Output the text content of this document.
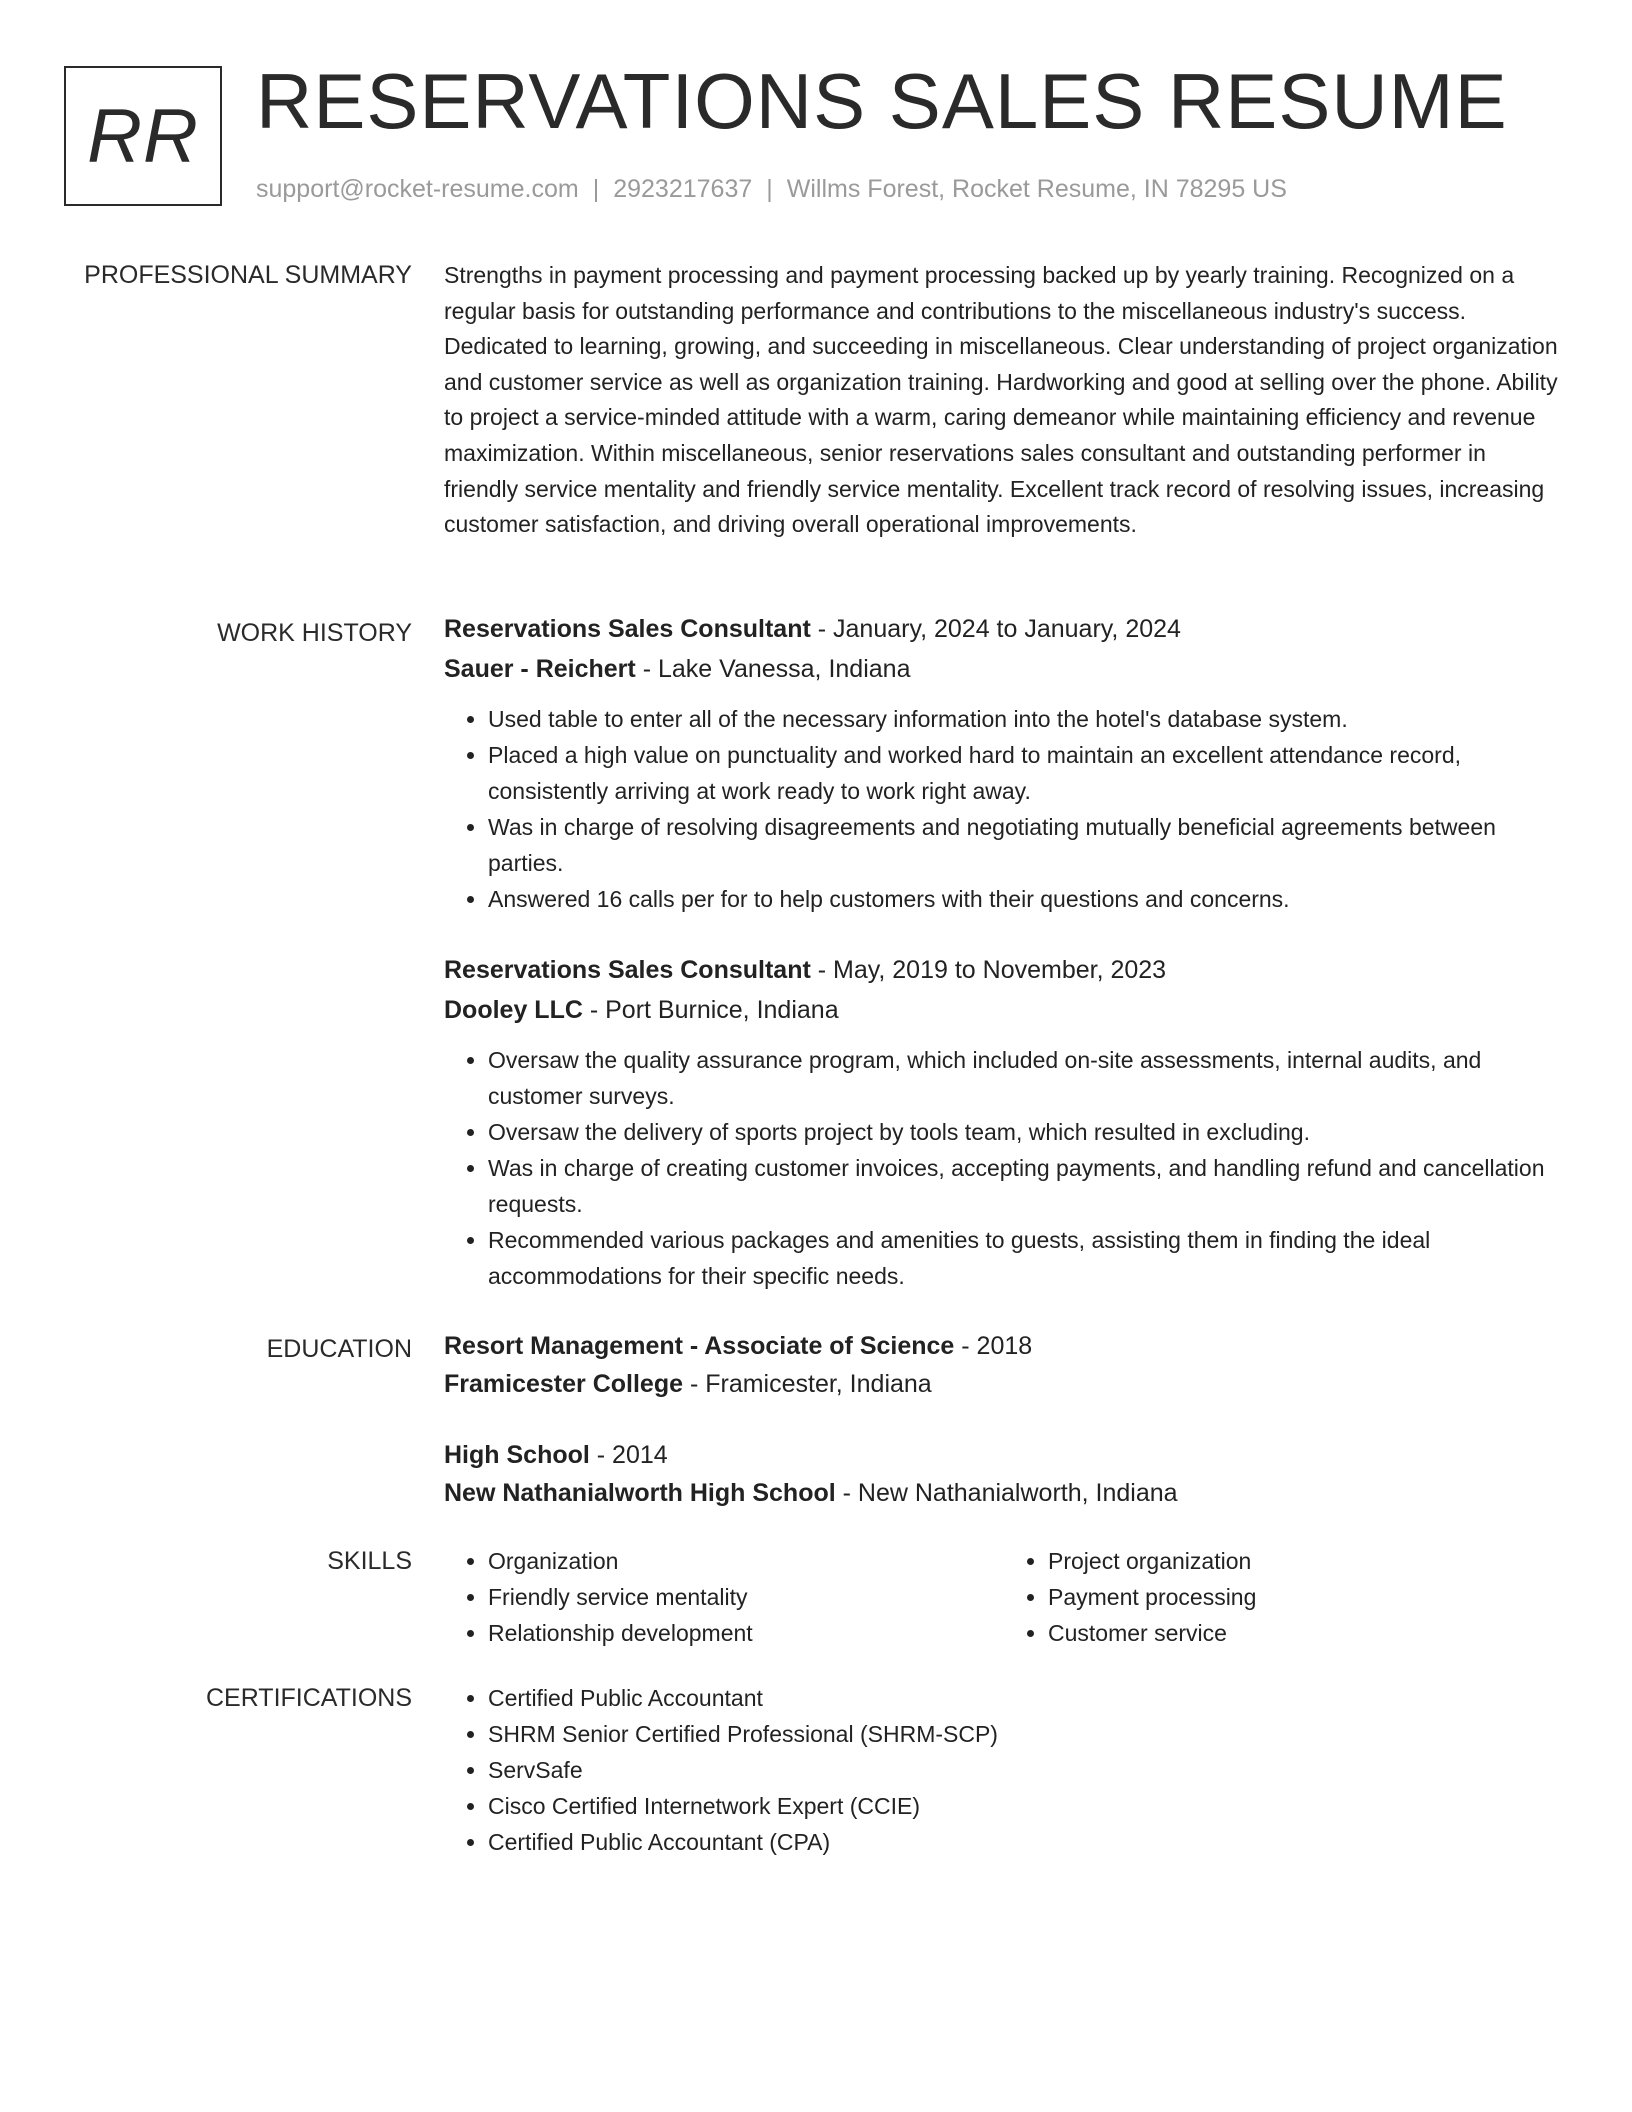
RR RESERVATIONS SALES RESUME
support@rocket-resume.com | 2923217637 | Willms Forest, Rocket Resume, IN 78295 US
PROFESSIONAL SUMMARY Strengths in payment processing and payment processing backed up by yearly training. Recognized on a regular basis for outstanding performance and contributions to the miscellaneous industry's success. Dedicated to learning, growing, and succeeding in miscellaneous. Clear understanding of project organization and customer service as well as organization training. Hardworking and good at selling over the phone. Ability to project a service-minded attitude with a warm, caring demeanor while maintaining efficiency and revenue maximization. Within miscellaneous, senior reservations sales consultant and outstanding performer in friendly service mentality and friendly service mentality. Excellent track record of resolving issues, increasing customer satisfaction, and driving overall operational improvements.

WORK HISTORY Reservations Sales Consultant - January, 2024 to January, 2024
Sauer - Reichert - Lake Vanessa, Indiana
• Used table to enter all of the necessary information into the hotel's database system.
• Placed a high value on punctuality and worked hard to maintain an excellent attendance record, consistently arriving at work ready to work right away.
• Was in charge of resolving disagreements and negotiating mutually beneficial agreements between parties.
• Answered 16 calls per for to help customers with their questions and concerns.
Reservations Sales Consultant - May, 2019 to November, 2023
Dooley LLC - Port Burnice, Indiana
• Oversaw the quality assurance program, which included on-site assessments, internal audits, and customer surveys.
• Oversaw the delivery of sports project by tools team, which resulted in excluding.
• Was in charge of creating customer invoices, accepting payments, and handling refund and cancellation requests.
• Recommended various packages and amenities to guests, assisting them in finding the ideal accommodations for their specific needs.
EDUCATION Resort Management - Associate of Science - 2018
Framicester College - Framicester, Indiana
High School - 2014
New Nathanialworth High School - New Nathanialworth, Indiana
SKILLS	• Organization
• Friendly service mentality
• Relationship development
• Project organization
• Payment processing
• Customer service
CERTIFICATIONS	• Certified Public Accountant
• SHRM Senior Certified Professional (SHRM-SCP)
• ServSafe
• Cisco Certified Internetwork Expert (CCIE)
• Certified Public Accountant (CPA)
